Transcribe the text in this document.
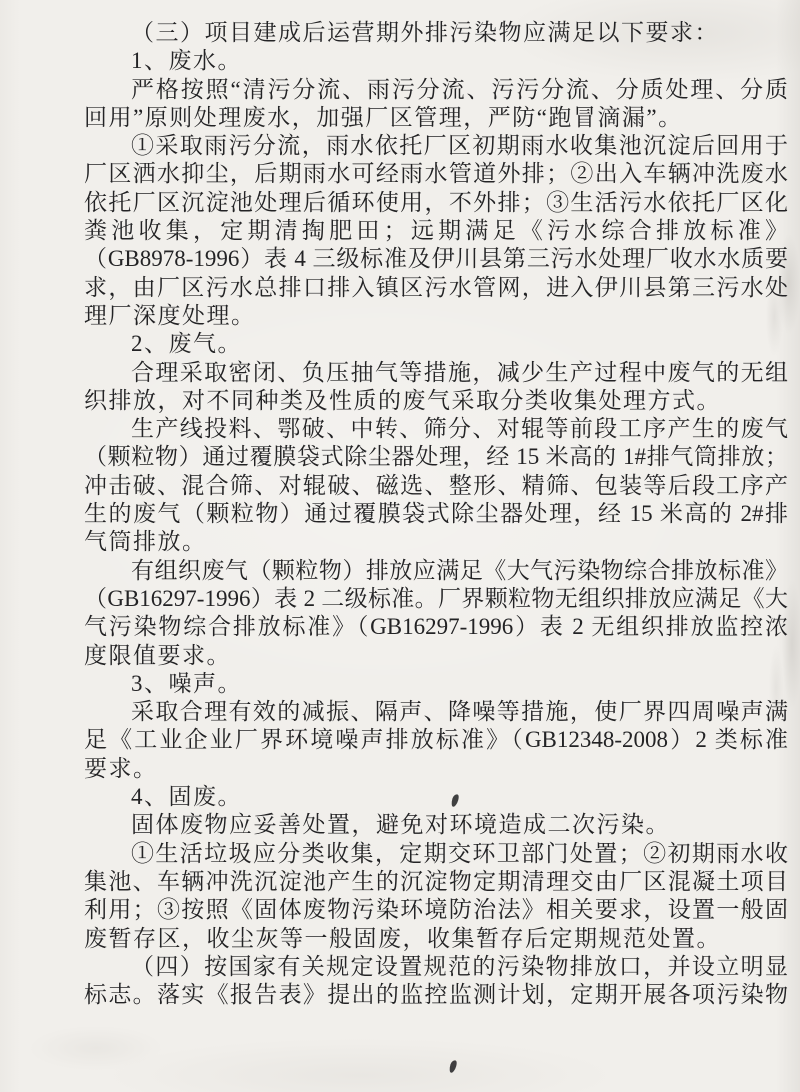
（三）项目建成后运营期外排污染物应满足以下要求：
1、废水。
严格按照“清污分流、雨污分流、污污分流、分质处理、分质
回用”原则处理废水，加强厂区管理，严防“跑冒滴漏”。
①采取雨污分流，雨水依托厂区初期雨水收集池沉淀后回用于
厂区洒水抑尘，后期雨水可经雨水管道外排；②出入车辆冲洗废水
依托厂区沉淀池处理后循环使用，不外排；③生活污水依托厂区化
粪池收集，定期清掏肥田；远期满足《污水综合排放标准》
（GB8978-1996）表 4 三级标准及伊川县第三污水处理厂收水水质要
求，由厂区污水总排口排入镇区污水管网，进入伊川县第三污水处
理厂深度处理。
2、废气。
合理采取密闭、负压抽气等措施，减少生产过程中废气的无组
织排放，对不同种类及性质的废气采取分类收集处理方式。
生产线投料、鄂破、中转、筛分、对辊等前段工序产生的废气
（颗粒物）通过覆膜袋式除尘器处理，经 15 米高的 1#排气筒排放；
冲击破、混合筛、对辊破、磁选、整形、精筛、包装等后段工序产
生的废气（颗粒物）通过覆膜袋式除尘器处理，经 15 米高的 2#排
气筒排放。
有组织废气（颗粒物）排放应满足《大气污染物综合排放标准》
（GB16297-1996）表 2 二级标准。厂界颗粒物无组织排放应满足《大
气污染物综合排放标准》（GB16297-1996）表 2 无组织排放监控浓
度限值要求。
3、噪声。
采取合理有效的减振、隔声、降噪等措施，使厂界四周噪声满
足《工业企业厂界环境噪声排放标准》（GB12348-2008）2 类标准
要求。
4、固废。
固体废物应妥善处置，避免对环境造成二次污染。
①生活垃圾应分类收集，定期交环卫部门处置；②初期雨水收
集池、车辆冲洗沉淀池产生的沉淀物定期清理交由厂区混凝土项目
利用；③按照《固体废物污染环境防治法》相关要求，设置一般固
废暂存区，收尘灰等一般固废，收集暂存后定期规范处置。
（四）按国家有关规定设置规范的污染物排放口，并设立明显
标志。落实《报告表》提出的监控监测计划，定期开展各项污染物
